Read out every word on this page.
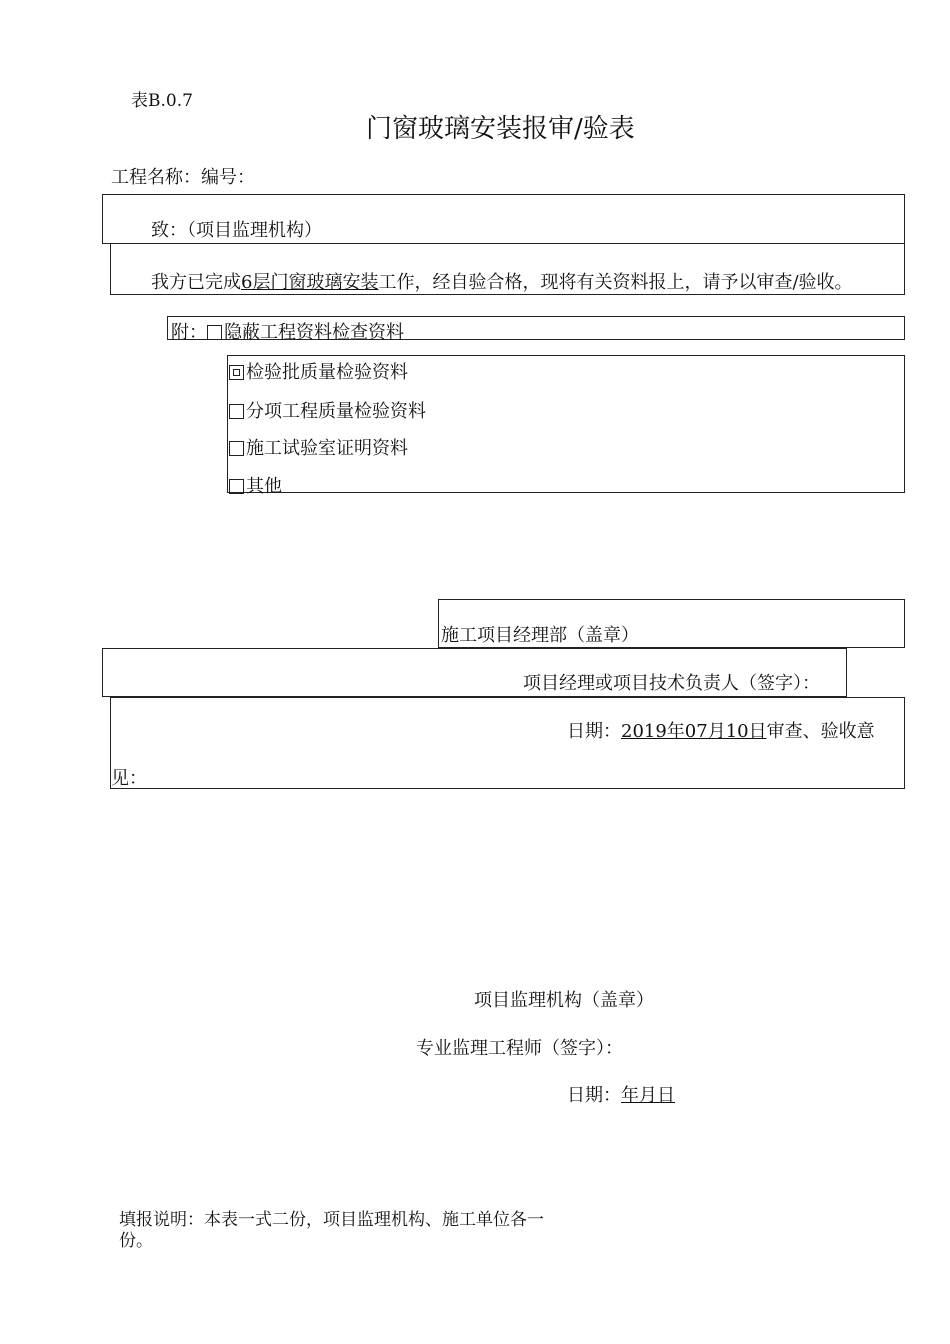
表B.0.7
门窗玻璃安装报审/验表
工程名称：编号：
致：（项目监理机构）
我方已完成6层门窗玻璃安装工作，经自验合格，现将有关资料报上，请予以审查/验收。
附： 隐蔽工程资料检查资料
检验批质量检验资料
分项工程质量检验资料
施工试验室证明资料
其他
施工项目经理部（盖章）
项目经理或项目技术负责人（签字）：
日期：2019年07月10日审查、验收意
见：
项目监理机构（盖章）
专业监理工程师（签字）：
日期：年月日
填报说明：本表一式二份，项目监理机构、施工单位各一
份。
